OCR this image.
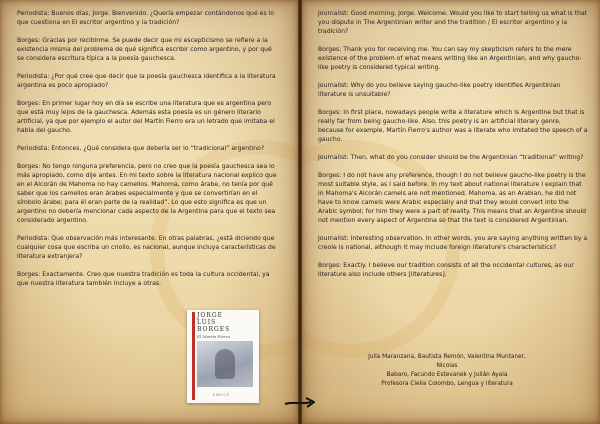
Periodista: Buenos días, Jorge. Bienvenido. ¿Quería empezar contándonos qué es lo que cuestiona en El escritor argentino y la tradición?

Borges: Gracias por recibirme. Se puede decir que mi escepticismo se refiere a la existencia misma del problema de qué significa escribir como argentino, y por qué se considera escritura típica a la poesía gauchesca.

Periodista: ¿Por qué cree que decir que la poesía gauchesca identifica a la literatura argentina es poco apropiado?

Borges: En primer lugar hoy en día se escribe una literatura que es argentina pero que está muy lejos de la gauchesca. Además esta poesía es un género literario artificial, ya que por ejemplo el autor del Martín Fierro era un letrado que imitaba el habla del gaucho.

Periodista: Entonces, ¿Qué considera que debería ser lo “tradicional” argentino?

Borges: No tengo ninguna preferencia, pero no creo que la poesía gauchesca sea lo más apropiado, como dije antes. En mi texto sobre la literatura nacional explico que en el Alcorán de Mahoma no hay camellos. Mahoma, como árabe, no tenía por qué saber que los camellos eran árabes especialmente y que se convertirían en el símbolo árabe; para él eran parte de la realidad”. Lo que esto significa es que un argentino no debería mencionar cada aspecto de la Argentina para que el texto sea considerado argentino.

Periodista: Que observación más interesante. En otras palabras, ¿está diciendo que cualquier cosa que escriba un criollo, es nacional, aunque incluya características de literatura extranjera?

Borges: Exactamente. Creo que nuestra tradición es toda la cultura occidental, ya que nuestra literatura también incluye a otras.

JORGE
LUIS
BORGES
El Martín Fierro
EMECÉ

Journalist: Good morning, Jorge. Welcome. Would you like to start telling us what is that you dispute in The Argentinian writer and the tradition / El escritor argentino y la tradición?

Borges: Thank you for receiving me. You can say my skepticism refers to the mere existence of the problem of what means writing like an Argentinian, and why gaucho-like poetry is considered typical writing.

Journalist: Why do you believe saying gaucho-like poetry identifies Argentinian literature is unsuitable?

Borges: In first place, nowadays people write a literature which is Argentine but that is really far from being gaucho-like. Also, this poetry is an artificial literary genre, because for example, Martín Fierro's author was a literate who imitated the speech of a gaucho.

Journalist: Then, what do you consider should be the Argentinian “traditional” writing?

Borges: I do not have any preference, though I do not believe gaucho-like poetry is the most suitable style, as I said before. In my text about national literature I explain that in Mahoma's Alcorán camels are not mentioned. Mahoma, as an Arabian, he did not have to know camels were Arabic especially and that they would convert into the Arabic symbol; for him they were a part of reality. This means that an Argentine should not mention every aspect of Argentina so that the text is considered Argentinian.

Journalist: Interesting observation. In other words, you are saying anything written by a creole is national, although it may include foreign literature's characteristics?

Borges: Exactly. I believe our tradition consists of all the occidental cultures, as our literature also include others [literatures].

Julia Maranzana, Bautista Remón, Valentina Muntaner, Nicolas
Babaro, Facundo Estevanek y Julián Ayala
Profesora Cielia Colombo, Lengua y literatura
